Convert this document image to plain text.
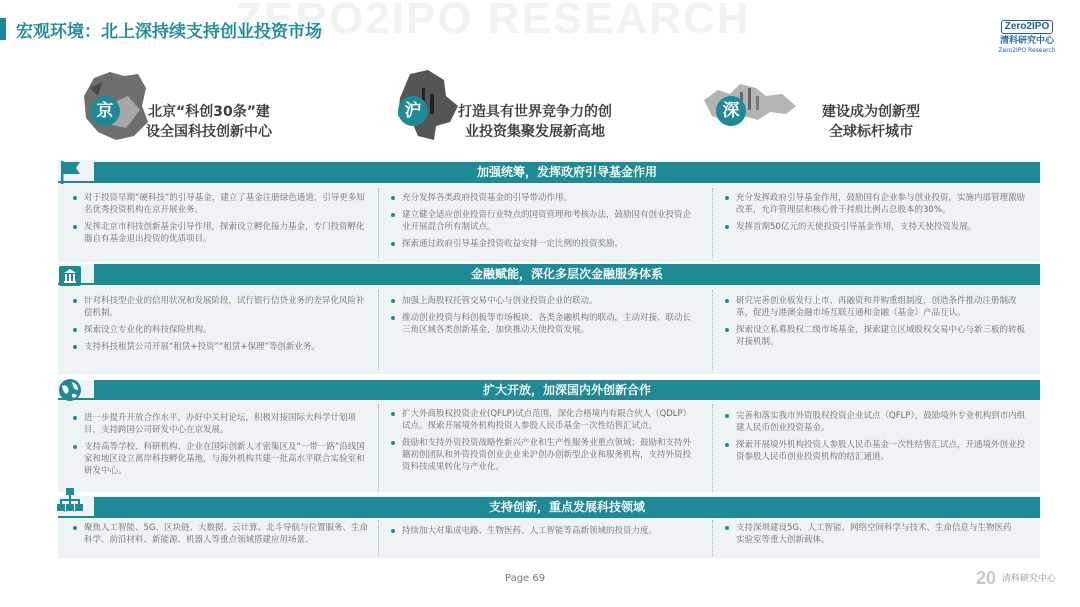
ZERO2IPO RESEARCH
宏观环境：北上深持续支持创业投资市场	Zero2IPO
清科研究中心
Zero2IPO Research
京	北京“科创30条”建
设全国科技创新中心
沪	打造具有世界竞争力的创
业投资集聚发展新高地
深	建设成为创新型
全球标杆城市
加强统筹，发挥政府引导基金作用
对于投资早期“硬科技”的引导基金，建立了基金注册绿色通道，引导更多知名优秀投资机构在京开展业务。
发挥北京市科技创新基金引导作用，探索设立孵化接力基金，专门投资孵化器自有基金退出投资的优质项目。
充分发挥各类政府投资基金的引导带动作用。
建立健全适应创业投资行业特点的国资管理和考核办法，鼓励国有创业投资企业开展混合所有制试点。
探索通过政府引导基金投资收益安排一定比例的投资奖励。
充分发挥政府引导基金作用，鼓励国有企业参与创业投资，实施内部管理激励改革，允许管理层和核心骨干持股比例占总股本的30%。
发挥首期50亿元的天使投资引导基金作用，支持天使投资发展。
金融赋能，深化多层次金融服务体系
针对科技型企业的信用状况和发展阶段，试行银行信贷业务的差异化风险补偿机制。
探索设立专业化的科技保险机构。
支持科技租赁公司开展“租赁+投资”“租赁+保理”等创新业务。
加强上海股权托管交易中心与创业投资企业的联动。
推动创业投资与科创板等市场板块、各类金融机构的联动，主动对接、联动长三角区域各类创新基金，加快推动天使投资发展。
研究完善创业板发行上市、再融资和并购重组制度，创造条件推动注册制改革，促进与港澳金融市场互联互通和金融（基金）产品互认。
探索设立私募股权二级市场基金，探索建立区域股权交易中心与新三板的转板对接机制。
扩大开放，加深国内外创新合作
进一步提升开放合作水平，办好中关村论坛，积极对接国际大科学计划项目，支持跨国公司研发中心在京发展。
支持高等学校、科研机构、企业在国际创新人才密集区及“一带一路”沿线国家和地区设立离岸科技孵化基地，与海外机构共建一批高水平联合实验室和研发中心。
扩大外商股权投资企业(QFLP)试点范围，深化合格境内有限合伙人（QDLP）试点。探索开展境外机构投资人参股人民币基金一次性结售汇试点。
鼓励和支持外资投资战略性新兴产业和生产性服务业重点领域；鼓励和支持外籍初创团队和外资投资创业企业来沪创办创新型企业和服务机构，支持外资投资科技成果转化与产业化。
完善和落实我市外资股权投资企业试点（QFLP），鼓励境外专业机构到市内组建人民币创业投资基金。
探索开展境外机构投资人参股人民币基金一次性结售汇试点，开通境外创业投资参股人民币创业投资机构的结汇通道。
支持创新，重点发展科技领域
聚焦人工智能、5G、区块链、大数据、云计算、北斗导航与位置服务、生命科学、前沿材料、新能源、机器人等重点领域搭建应用场景。
持续加大对集成电路、生物医药、人工智能等高新领域的投资力度。	支持深圳建设5G、人工智能、网络空间科学与技术、生命信息与生物医药实验室等重大创新载体。
Page 69	20 清科研究中心
